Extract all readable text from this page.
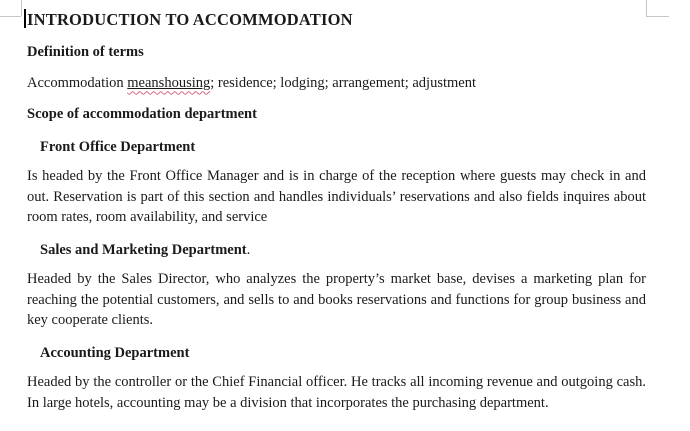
INTRODUCTION TO ACCOMMODATION

Definition of terms

Accommodation meanshousing; residence; lodging; arrangement; adjustment

Scope of accommodation department

Front Office Department

Is headed by the Front Office Manager and is in charge of the reception where guests may check in and out. Reservation is part of this section and handles individuals’ reservations and also fields inquires about room rates, room availability, and service

Sales and Marketing Department.

Headed by the Sales Director, who analyzes the property’s market base, devises a marketing plan for reaching the potential customers, and sells to and books reservations and functions for group business and key cooperate clients.

Accounting Department

Headed by the controller or the Chief Financial officer. He tracks all incoming revenue and outgoing cash. In large hotels, accounting may be a division that incorporates the purchasing department.
